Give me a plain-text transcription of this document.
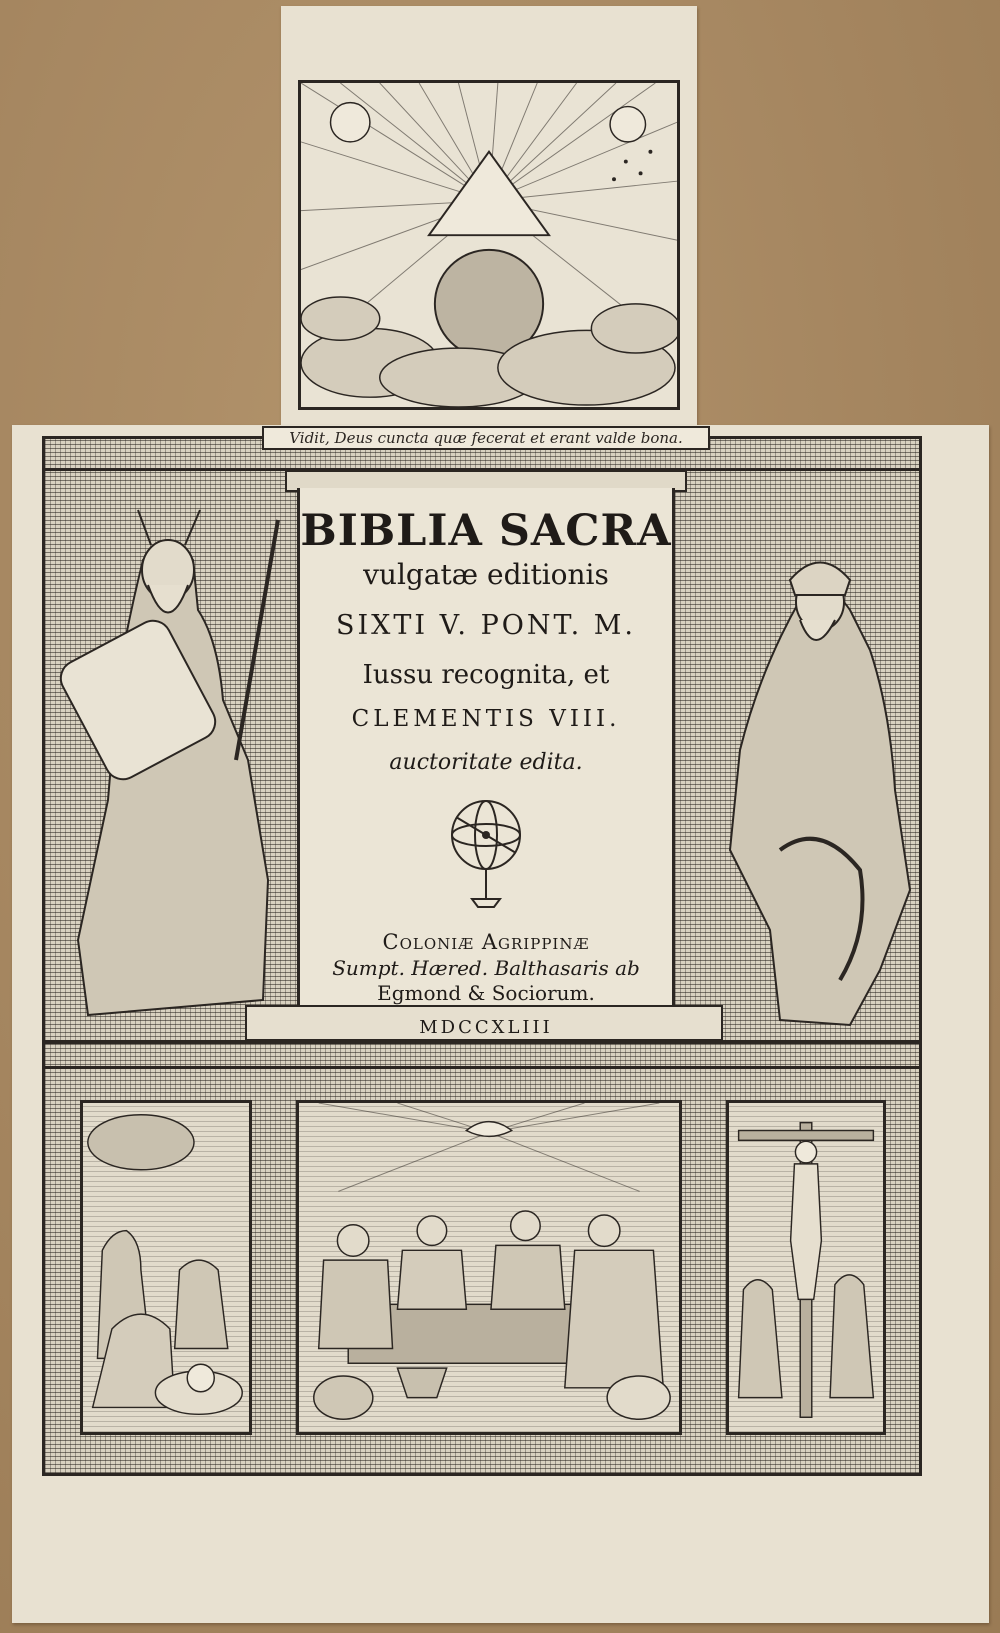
Vidit, Deus cuncta quæ fecerat et erant valde bona.
BIBLIA SACRA
vulgatæ editionis
SIXTI V. PONT. M.
Iussu recognita, et
CLEMENTIS VIII.
auctoritate edita.
Coloniæ Agrippinæ
Sumpt. Hæred. Balthasaris ab
Egmond & Sociorum.
MDCCXLIII
